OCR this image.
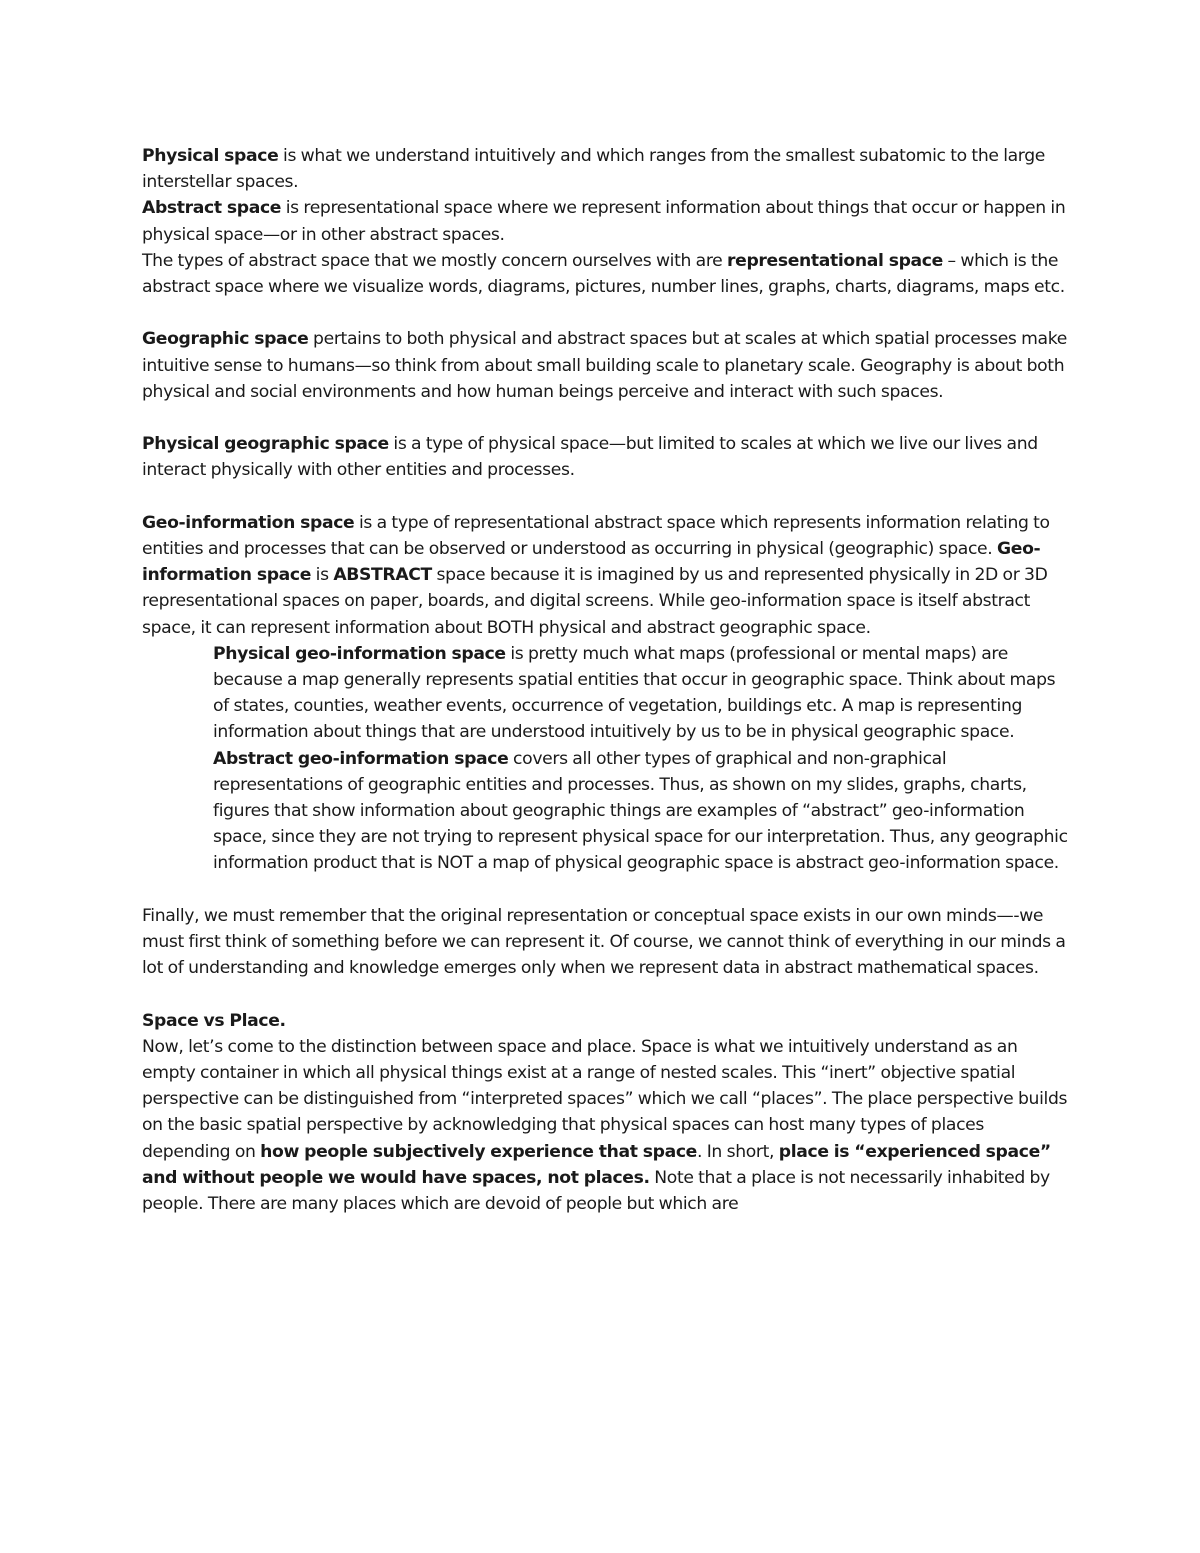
Physical space is what we understand intuitively and which ranges from the smallest subatomic to the large interstellar spaces.

Abstract space is representational space where we represent information about things that occur or happen in physical space—or in other abstract spaces.

The types of abstract space that we mostly concern ourselves with are representational space – which is the abstract space where we visualize words, diagrams, pictures, number lines, graphs, charts, diagrams, maps etc.

Geographic space pertains to both physical and abstract spaces but at scales at which spatial processes make intuitive sense to humans—so think from about small building scale to planetary scale. Geography is about both physical and social environments and how human beings perceive and interact with such spaces.

Physical geographic space is a type of physical space—but limited to scales at which we live our lives and interact physically with other entities and processes.

Geo-information space is a type of representational abstract space which represents information relating to entities and processes that can be observed or understood as occurring in physical (geographic) space. Geo-information space is ABSTRACT space because it is imagined by us and represented physically in 2D or 3D representational spaces on paper, boards, and digital screens. While geo-information space is itself abstract space, it can represent information about BOTH physical and abstract geographic space.

Physical geo-information space is pretty much what maps (professional or mental maps) are because a map generally represents spatial entities that occur in geographic space. Think about maps of states, counties, weather events, occurrence of vegetation, buildings etc. A map is representing information about things that are understood intuitively by us to be in physical geographic space.

Abstract geo-information space covers all other types of graphical and non-graphical representations of geographic entities and processes. Thus, as shown on my slides, graphs, charts, figures that show information about geographic things are examples of “abstract” geo-information space, since they are not trying to represent physical space for our interpretation. Thus, any geographic information product that is NOT a map of physical geographic space is abstract geo-information space.

Finally, we must remember that the original representation or conceptual space exists in our own minds—-we must first think of something before we can represent it. Of course, we cannot think of everything in our minds a lot of understanding and knowledge emerges only when we represent data in abstract mathematical spaces.

Space vs Place.

Now, let’s come to the distinction between space and place. Space is what we intuitively understand as an empty container in which all physical things exist at a range of nested scales. This “inert” objective spatial perspective can be distinguished from “interpreted spaces” which we call “places”. The place perspective builds on the basic spatial perspective by acknowledging that physical spaces can host many types of places depending on how people subjectively experience that space. In short, place is “experienced space” and without people we would have spaces, not places. Note that a place is not necessarily inhabited by people. There are many places which are devoid of people but which are
